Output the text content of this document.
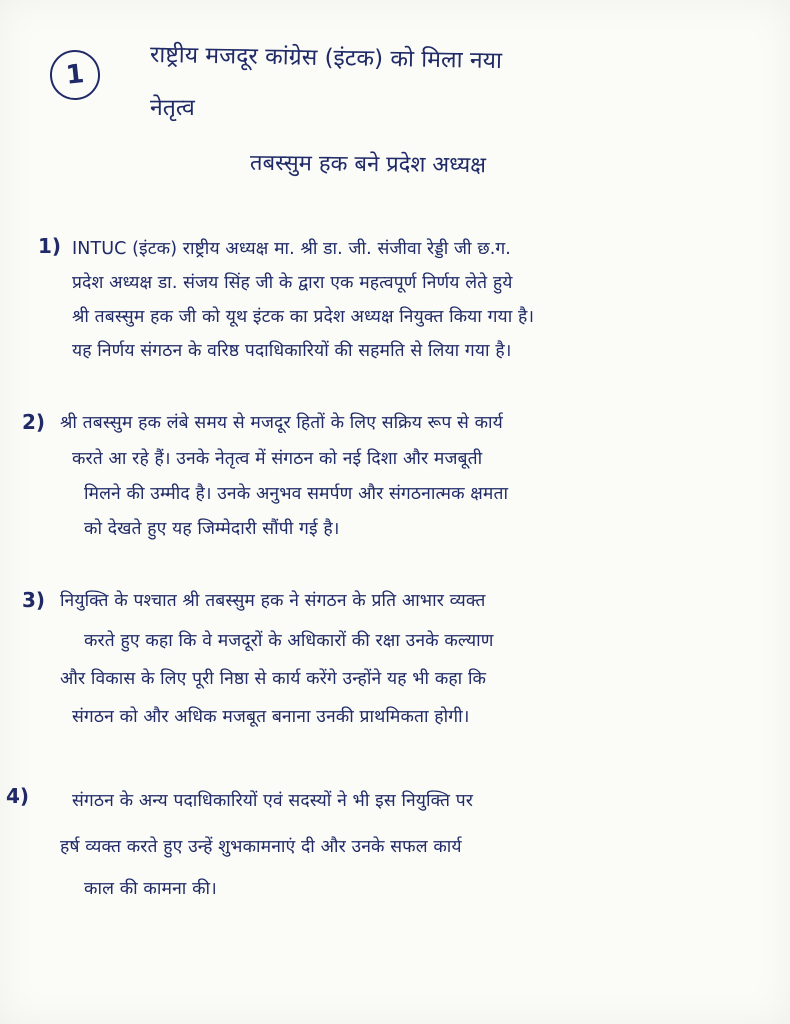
1
राष्ट्रीय मजदूर कांग्रेस (इंटक) को मिला नया
नेतृत्व
तबस्सुम हक बने प्रदेश अध्यक्ष
1) INTUC (इंटक) राष्ट्रीय अध्यक्ष मा. श्री डा. जी. संजीवा रेड्डी जी छ.ग.
प्रदेश अध्यक्ष डा. संजय सिंह जी के द्वारा एक महत्वपूर्ण निर्णय लेते हुये
श्री तबस्सुम हक जी को यूथ इंटक का प्रदेश अध्यक्ष नियुक्त किया गया है।
यह निर्णय संगठन के वरिष्ठ पदाधिकारियों की सहमति से लिया गया है।
2) श्री तबस्सुम हक लंबे समय से मजदूर हितों के लिए सक्रिय रूप से कार्य
करते आ रहे हैं। उनके नेतृत्व में संगठन को नई दिशा और मजबूती
मिलने की उम्मीद है। उनके अनुभव समर्पण और संगठनात्मक क्षमता
को देखते हुए यह जिम्मेदारी सौंपी गई है।
3) नियुक्ति के पश्चात श्री तबस्सुम हक ने संगठन के प्रति आभार व्यक्त
करते हुए कहा कि वे मजदूरों के अधिकारों की रक्षा उनके कल्याण
और विकास के लिए पूरी निष्ठा से कार्य करेंगे उन्होंने यह भी कहा कि
संगठन को और अधिक मजबूत बनाना उनकी प्राथमिकता होगी।
4) संगठन के अन्य पदाधिकारियों एवं सदस्यों ने भी इस नियुक्ति पर
हर्ष व्यक्त करते हुए उन्हें शुभकामनाएं दी और उनके सफल कार्य
काल की कामना की।
